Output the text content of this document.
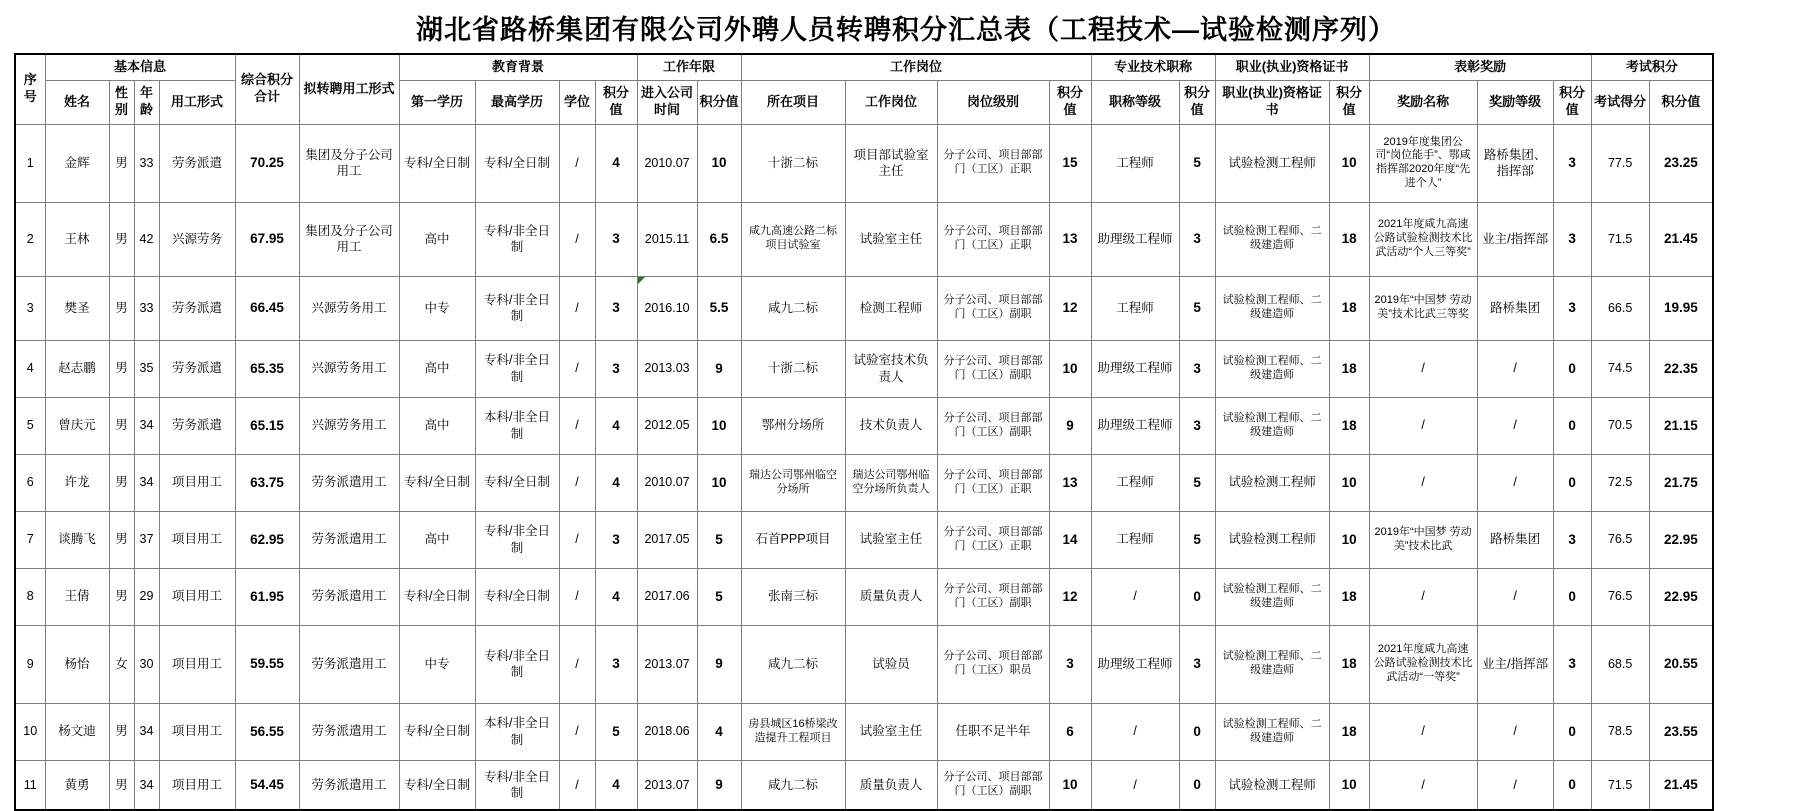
湖北省路桥集团有限公司外聘人员转聘积分汇总表（工程技术—试验检测序列）
序号	基本信息				综合积分合计	拟转聘用工形式	教育背景				工作年限		工作岗位				专业技术职称		职业(执业)资格证书		表彰奖励			考试积分	
	姓名	性别	年龄	用工形式			第一学历	最高学历	学位	积分值	进入公司时间	积分值	所在项目	工作岗位	岗位级别	积分值	职称等级	积分值	职业(执业)资格证书	积分值	奖励名称	奖励等级	积分值	考试得分	积分值
1	金辉	男	33	劳务派遣	70.25	集团及分子公司用工	专科/全日制	专科/全日制	/	4	2010.07	10	十浙二标	项目部试验室主任	分子公司、项目部部门（工区）正职	15	工程师	5	试验检测工程师	10	2019年度集团公司“岗位能手”、鄂咸指挥部2020年度“先进个人”	路桥集团、指挥部	3	77.5	23.25
2	王林	男	42	兴源劳务	67.95	集团及分子公司用工	高中	专科/非全日制	/	3	2015.11	6.5	咸九高速公路二标项目试验室	试验室主任	分子公司、项目部部门（工区）正职	13	助理级工程师	3	试验检测工程师、二级建造师	18	2021年度咸九高速公路试验检测技术比武活动“个人三等奖”	业主/指挥部	3	71.5	21.45
3	樊圣	男	33	劳务派遣	66.45	兴源劳务用工	中专	专科/非全日制	/	3	2016.10	5.5	咸九二标	检测工程师	分子公司、项目部部门（工区）副职	12	工程师	5	试验检测工程师、二级建造师	18	2019年“中国梦 劳动美”技术比武三等奖	路桥集团	3	66.5	19.95
4	赵志鹏	男	35	劳务派遣	65.35	兴源劳务用工	高中	专科/非全日制	/	3	2013.03	9	十浙二标	试验室技术负责人	分子公司、项目部部门（工区）副职	10	助理级工程师	3	试验检测工程师、二级建造师	18	/	/	0	74.5	22.35
5	曾庆元	男	34	劳务派遣	65.15	兴源劳务用工	高中	本科/非全日制	/	4	2012.05	10	鄂州分场所	技术负责人	分子公司、项目部部门（工区）副职	9	助理级工程师	3	试验检测工程师、二级建造师	18	/	/	0	70.5	21.15
6	许龙	男	34	项目用工	63.75	劳务派遣用工	专科/全日制	专科/全日制	/	4	2010.07	10	瑞达公司鄂州临空分场所	瑞达公司鄂州临空分场所负责人	分子公司、项目部部门（工区）正职	13	工程师	5	试验检测工程师	10	/	/	0	72.5	21.75
7	谈腾飞	男	37	项目用工	62.95	劳务派遣用工	高中	专科/非全日制	/	3	2017.05	5	石首PPP项目	试验室主任	分子公司、项目部部门（工区）正职	14	工程师	5	试验检测工程师	10	2019年“中国梦 劳动美”技术比武	路桥集团	3	76.5	22.95
8	王倩	男	29	项目用工	61.95	劳务派遣用工	专科/全日制	专科/全日制	/	4	2017.06	5	张南三标	质量负责人	分子公司、项目部部门（工区）副职	12	/	0	试验检测工程师、二级建造师	18	/	/	0	76.5	22.95
9	杨怡	女	30	项目用工	59.55	劳务派遣用工	中专	专科/非全日制	/	3	2013.07	9	咸九二标	试验员	分子公司、项目部部门（工区）职员	3	助理级工程师	3	试验检测工程师、二级建造师	18	2021年度咸九高速公路试验检测技术比武活动“一等奖”	业主/指挥部	3	68.5	20.55
10	杨文迪	男	34	项目用工	56.55	劳务派遣用工	专科/全日制	本科/非全日制	/	5	2018.06	4	房县城区16桥梁改造提升工程项目	试验室主任	任职不足半年	6	/	0	试验检测工程师、二级建造师	18	/	/	0	78.5	23.55
11	黄勇	男	34	项目用工	54.45	劳务派遣用工	专科/全日制	专科/非全日制	/	4	2013.07	9	咸九二标	质量负责人	分子公司、项目部部门（工区）副职	10	/	0	试验检测工程师	10	/	/	0	71.5	21.45
